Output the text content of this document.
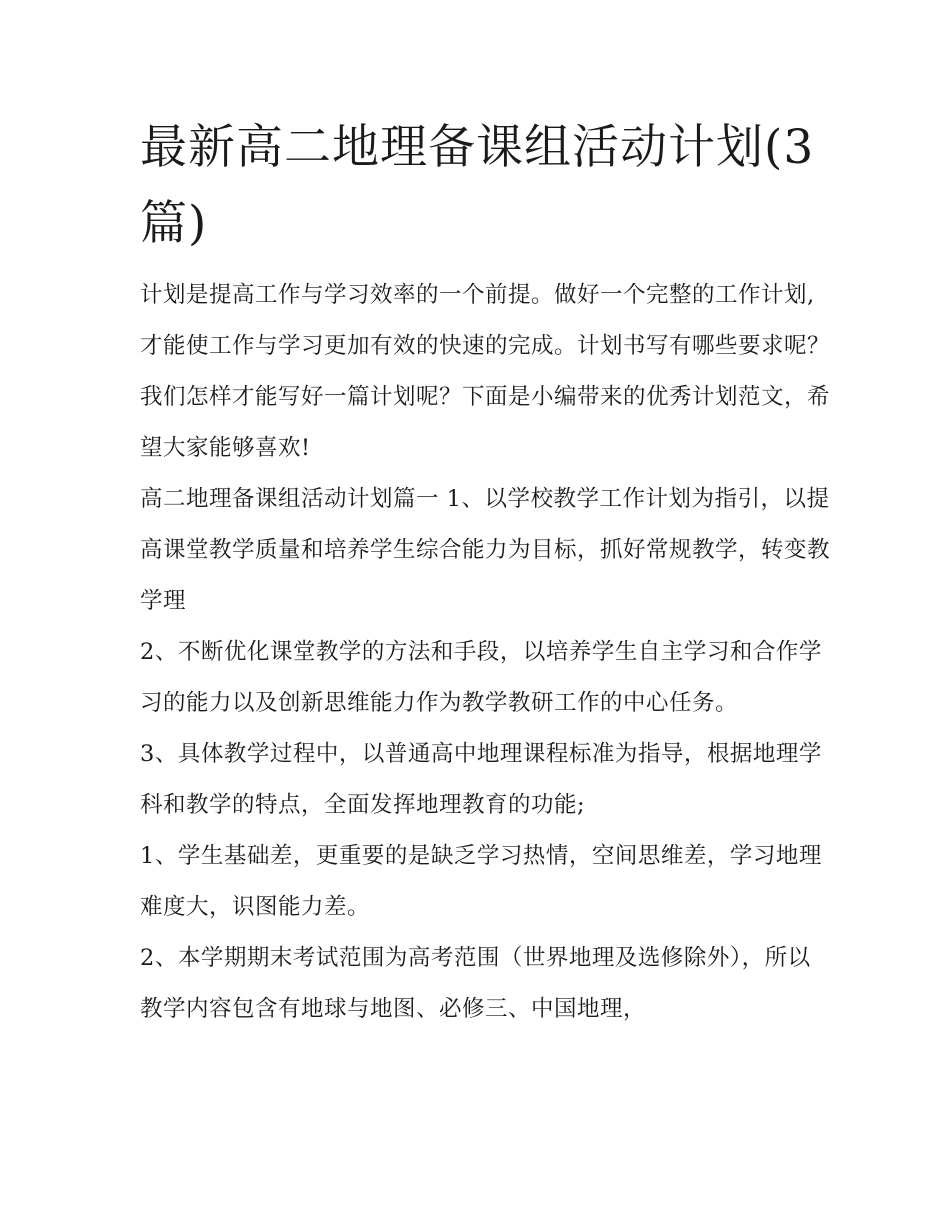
最新高二地理备课组活动计划(3篇)

计划是提高工作与学习效率的一个前提。做好一个完整的工作计划,才能使工作与学习更加有效的快速的完成。计划书写有哪些要求呢？我们怎样才能写好一篇计划呢？下面是小编带来的优秀计划范文，希望大家能够喜欢!

高二地理备课组活动计划篇一 1、以学校教学工作计划为指引，以提高课堂教学质量和培养学生综合能力为目标，抓好常规教学，转变教学理

2、不断优化课堂教学的方法和手段，以培养学生自主学习和合作学习的能力以及创新思维能力作为教学教研工作的中心任务。

3、具体教学过程中，以普通高中地理课程标准为指导，根据地理学科和教学的特点，全面发挥地理教育的功能;

1、学生基础差，更重要的是缺乏学习热情，空间思维差，学习地理难度大，识图能力差。

2、本学期期末考试范围为高考范围（世界地理及选修除外），所以教学内容包含有地球与地图、必修三、中国地理，
